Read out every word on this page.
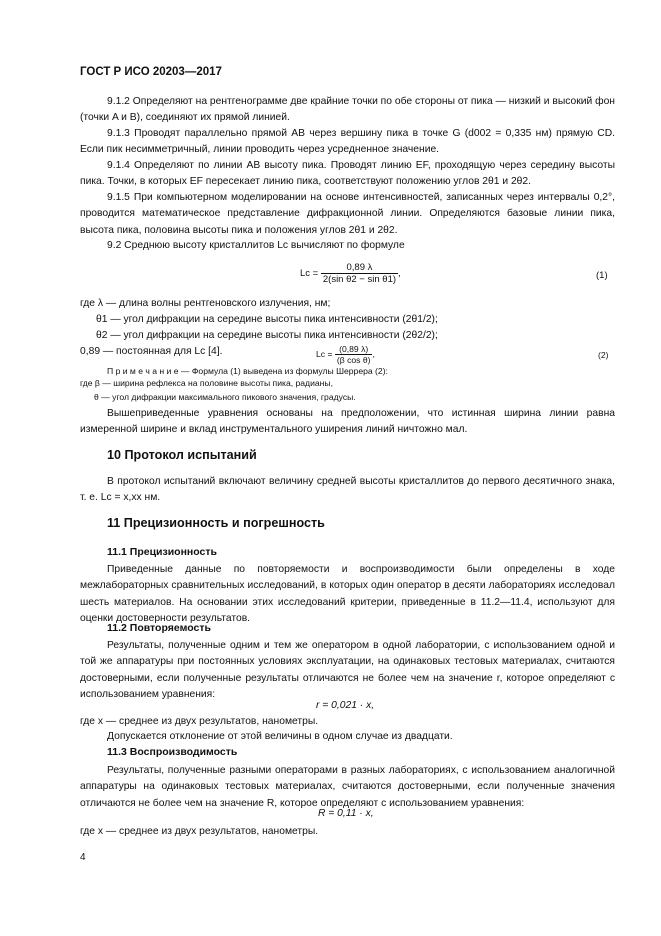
ГОСТ Р ИСО 20203—2017
9.1.2 Определяют на рентгенограмме две крайние точки по обе стороны от пика — низкий и высокий фон (точки A и B), соединяют их прямой линией.
9.1.3 Проводят параллельно прямой AB через вершину пика в точке G (d002 = 0,335 нм) прямую CD. Если пик несимметричный, линии проводить через усредненное значение.
9.1.4 Определяют по линии AB высоту пика. Проводят линию EF, проходящую через середину высоты пика. Точки, в которых EF пересекает линию пика, соответствуют положению углов 2θ1 и 2θ2.
9.1.5 При компьютерном моделировании на основе интенсивностей, записанных через интервалы 0,2°, проводится математическое представление дифракционной линии. Определяются базовые линии пика, высота пика, половина высоты пика и положения углов 2θ1 и 2θ2.
9.2 Среднюю высоту кристаллитов Lc вычисляют по формуле
$Lc = \frac{0,89 \lambda}{\text{2(sin θ2 − sin θ1)}}$ ,	(1)
где λ — длина волны рентгеновского излучения, нм;
θ1 — угол дифракции на середине высоты пика интенсивности (2θ1/2);
θ2 — угол дифракции на середине высоты пика интенсивности (2θ2/2);
0,89 — постоянная для Lc [4].
П р и м е ч а н и е — Формула (1) выведена из формулы Шеррера (2):
$Lc = \frac{(0,89 \lambda)}{\text{(β cos θ)}}$ ,	(2)
где β — ширина рефлекса на половине высоты пика, радианы,
θ — угол дифракции максимального пикового значения, градусы.
Вышеприведенные уравнения основаны на предположении, что истинная ширина линии равна измеренной ширине и вклад инструментального уширения линий ничтожно мал.
10 Протокол испытаний
В протокол испытаний включают величину средней высоты кристаллитов до первого десятичного знака, т. е. Lc = x,xx нм.
11 Прецизионность и погрешность
11.1 Прецизионность
Приведенные данные по повторяемости и воспроизводимости были определены в ходе межлабораторных сравнительных исследований, в которых один оператор в десяти лабораториях исследовал шесть материалов. На основании этих исследований критерии, приведенные в 11.2—11.4, используют для оценки достоверности результатов.
11.2 Повторяемость
Результаты, полученные одним и тем же оператором в одной лаборатории, с использованием одной и той же аппаратуры при постоянных условиях эксплуатации, на одинаковых тестовых материалах, считаются достоверными, если полученные результаты отличаются не более чем на значение r, которое определяют с использованием уравнения:
r = 0,021 · x,
где x — среднее из двух результатов, нанометры.
Допускается отклонение от этой величины в одном случае из двадцати.
11.3 Воспроизводимость
Результаты, полученные разными операторами в разных лабораториях, с использованием аналогичной аппаратуры на одинаковых тестовых материалах, считаются достоверными, если полученные значения отличаются не более чем на значение R, которое определяют с использованием уравнения:
R = 0,11 · x,
где x — среднее из двух результатов, нанометры.
4
